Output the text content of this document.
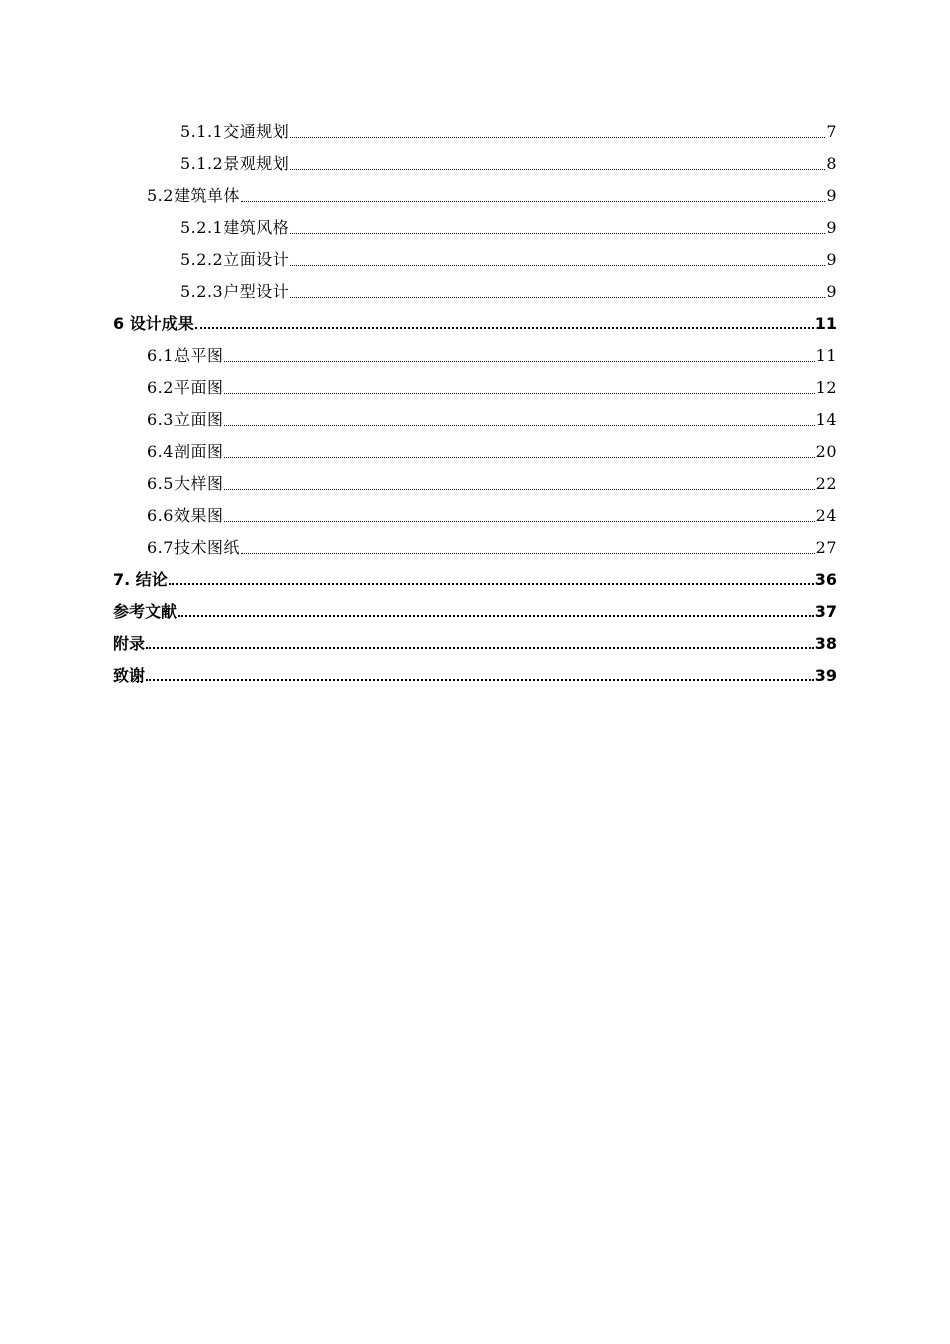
5.1.1交通规划	7
5.1.2景观规划	8
5.2建筑单体	9
5.2.1建筑风格	9
5.2.2立面设计	9
5.2.3户型设计	9
6 设计成果	11
6.1总平图	11
6.2平面图	12
6.3立面图	14
6.4剖面图	20
6.5大样图	22
6.6效果图	24
6.7技术图纸	27
7. 结论	36
参考文献	37
附录	38
致谢	39
